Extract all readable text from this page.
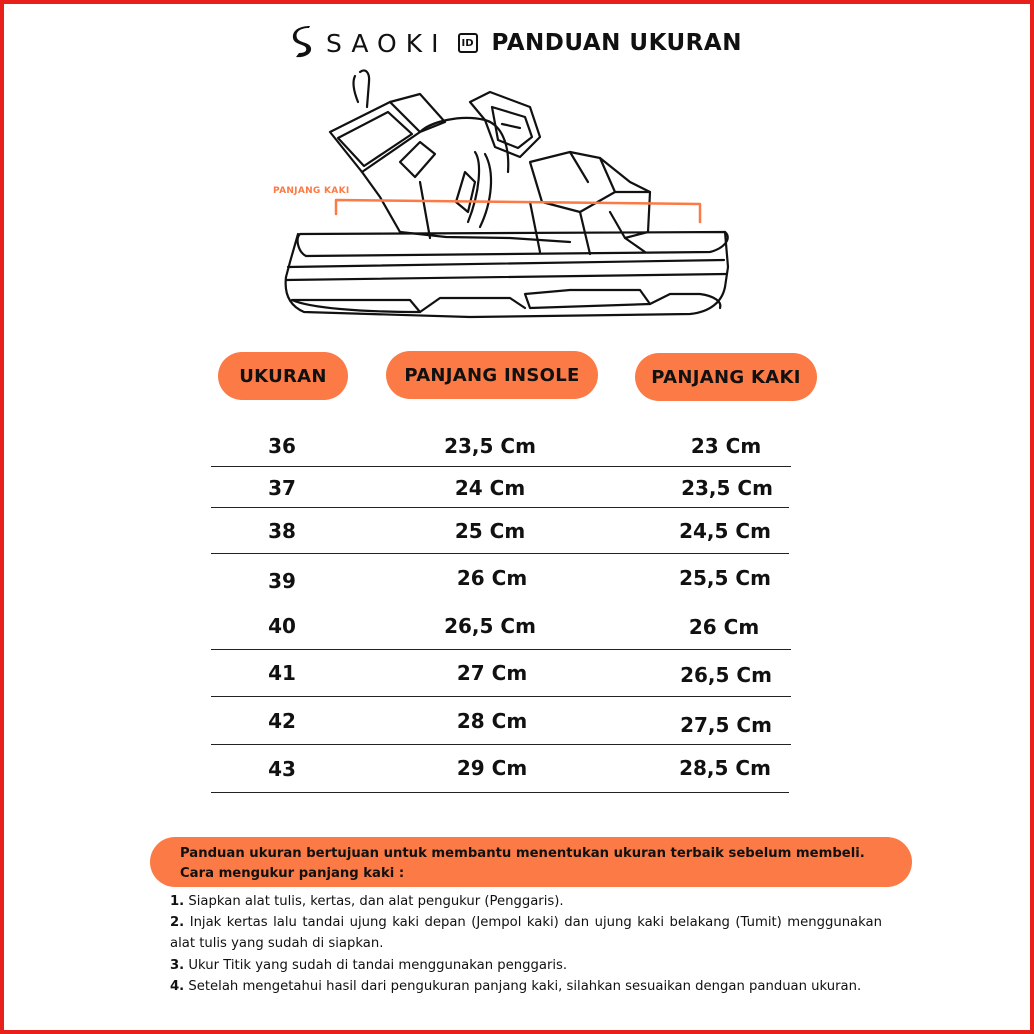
SAOKI	ID PANDUAN UKURAN
PANJANG KAKI
UKURAN	PANJANG INSOLE	PANJANG KAKI
36	23,5 Cm	23 Cm
37	24 Cm	23,5 Cm
38	25 Cm	24,5 Cm
39	26 Cm	25,5 Cm
40	26,5 Cm	26 Cm
41	27 Cm	26,5 Cm
42	28 Cm	27,5 Cm
43	29 Cm	28,5 Cm
Panduan ukuran bertujuan untuk membantu menentukan ukuran terbaik sebelum membeli.
Cara mengukur panjang kaki :
1. Siapkan alat tulis, kertas, dan alat pengukur (Penggaris).
2. Injak kertas lalu tandai ujung kaki depan (Jempol kaki) dan ujung kaki belakang (Tumit) menggunakan alat tulis yang sudah di siapkan.
3. Ukur Titik yang sudah di tandai menggunakan penggaris.
4. Setelah mengetahui hasil dari pengukuran panjang kaki, silahkan sesuaikan dengan panduan ukuran.
